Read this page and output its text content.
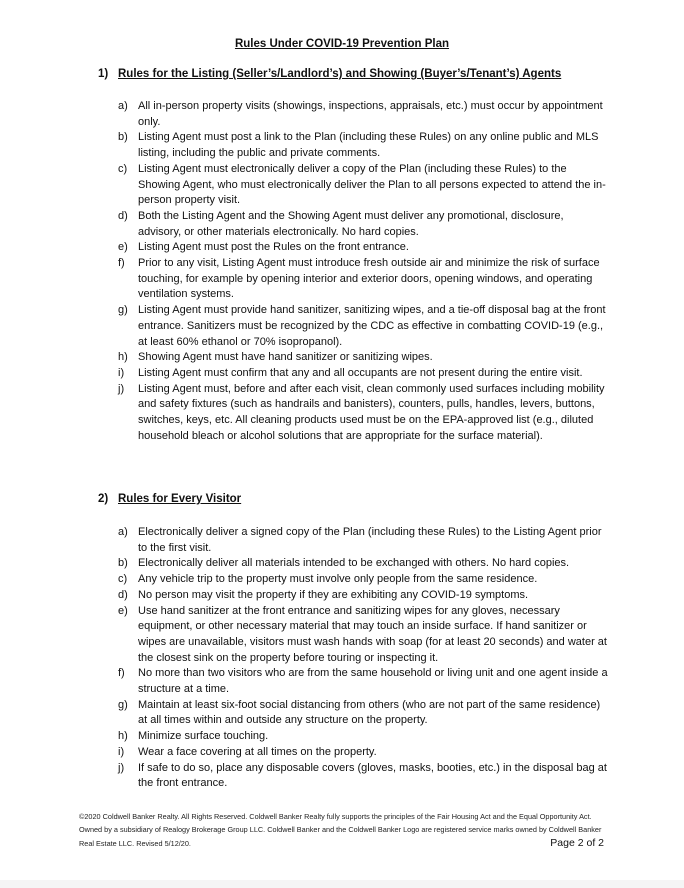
Rules Under COVID-19 Prevention Plan
1) Rules for the Listing (Seller’s/Landlord’s) and Showing (Buyer’s/Tenant’s) Agents
a) All in-person property visits (showings, inspections, appraisals, etc.) must occur by appointment only.
b) Listing Agent must post a link to the Plan (including these Rules) on any online public and MLS listing, including the public and private comments.
c) Listing Agent must electronically deliver a copy of the Plan (including these Rules) to the Showing Agent, who must electronically deliver the Plan to all persons expected to attend the in-person property visit.
d) Both the Listing Agent and the Showing Agent must deliver any promotional, disclosure, advisory, or other materials electronically. No hard copies.
e) Listing Agent must post the Rules on the front entrance.
f) Prior to any visit, Listing Agent must introduce fresh outside air and minimize the risk of surface touching, for example by opening interior and exterior doors, opening windows, and operating ventilation systems.
g) Listing Agent must provide hand sanitizer, sanitizing wipes, and a tie-off disposal bag at the front entrance. Sanitizers must be recognized by the CDC as effective in combatting COVID-19 (e.g., at least 60% ethanol or 70% isopropanol).
h) Showing Agent must have hand sanitizer or sanitizing wipes.
i) Listing Agent must confirm that any and all occupants are not present during the entire visit.
j) Listing Agent must, before and after each visit, clean commonly used surfaces including mobility and safety fixtures (such as handrails and banisters), counters, pulls, handles, levers, buttons, switches, keys, etc. All cleaning products used must be on the EPA-approved list (e.g., diluted household bleach or alcohol solutions that are appropriate for the surface material).
2) Rules for Every Visitor
a) Electronically deliver a signed copy of the Plan (including these Rules) to the Listing Agent prior to the first visit.
b) Electronically deliver all materials intended to be exchanged with others. No hard copies.
c) Any vehicle trip to the property must involve only people from the same residence.
d) No person may visit the property if they are exhibiting any COVID-19 symptoms.
e) Use hand sanitizer at the front entrance and sanitizing wipes for any gloves, necessary equipment, or other necessary material that may touch an inside surface. If hand sanitizer or wipes are unavailable, visitors must wash hands with soap (for at least 20 seconds) and water at the closest sink on the property before touring or inspecting it.
f) No more than two visitors who are from the same household or living unit and one agent inside a structure at a time.
g) Maintain at least six-foot social distancing from others (who are not part of the same residence) at all times within and outside any structure on the property.
h) Minimize surface touching.
i) Wear a face covering at all times on the property.
j) If safe to do so, place any disposable covers (gloves, masks, booties, etc.) in the disposal bag at the front entrance.
©2020 Coldwell Banker Realty. All Rights Reserved. Coldwell Banker Realty fully supports the principles of the Fair Housing Act and the Equal Opportunity Act. Owned by a subsidiary of Realogy Brokerage Group LLC. Coldwell Banker and the Coldwell Banker Logo are registered service marks owned by Coldwell Banker Real Estate LLC. Revised 5/12/20.	Page 2 of 2
